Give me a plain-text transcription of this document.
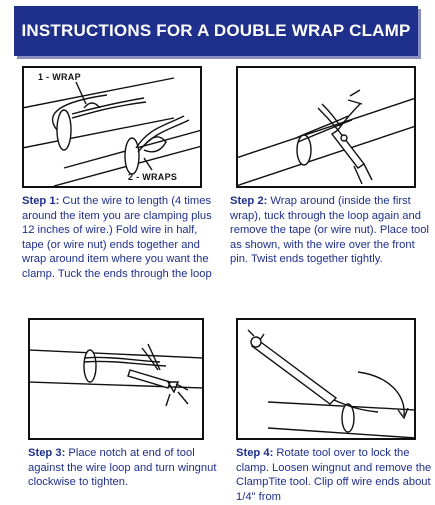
INSTRUCTIONS FOR A DOUBLE WRAP CLAMP
1 - WRAP
2 - WRAPS
Step 1: Cut the wire to length (4 times around the item you are clamping plus 12 inches of wire.) Fold wire in half, tape (or wire nut) ends together and wrap around item where you want the clamp. Tuck the ends through the loop
Step 2: Wrap around (inside the first wrap), tuck through the loop again and remove the tape (or wire nut). Place tool as shown, with the wire over the front pin. Twist ends together tightly.
Step 3: Place notch at end of tool against the wire loop and turn wingnut clockwise to tighten.
Step 4: Rotate tool over to lock the clamp. Loosen wingnut and remove the ClampTite tool. Clip off wire ends about 1/4" from
